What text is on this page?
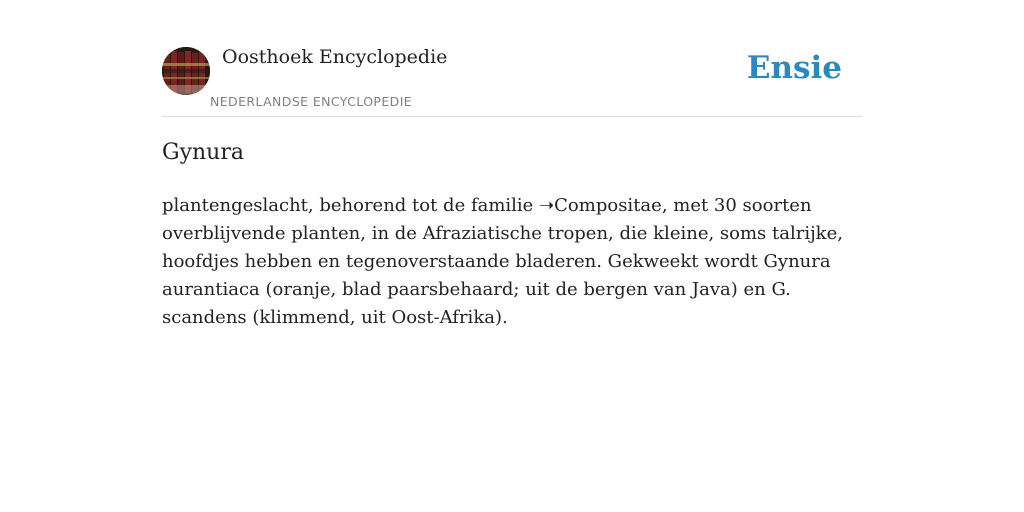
Oosthoek Encyclopedie
NEDERLANDSE ENCYCLOPEDIE
Ensie
Gynura

plantengeslacht, behorend tot de familie ➝Compositae, met 30 soorten overblijvende planten, in de Afraziatische tropen, die kleine, soms talrijke, hoofdjes hebben en tegenoverstaande bladeren. Gekweekt wordt Gynura aurantiaca (oranje, blad paarsbehaard; uit de bergen van Java) en G. scandens (klimmend, uit Oost-Afrika).
